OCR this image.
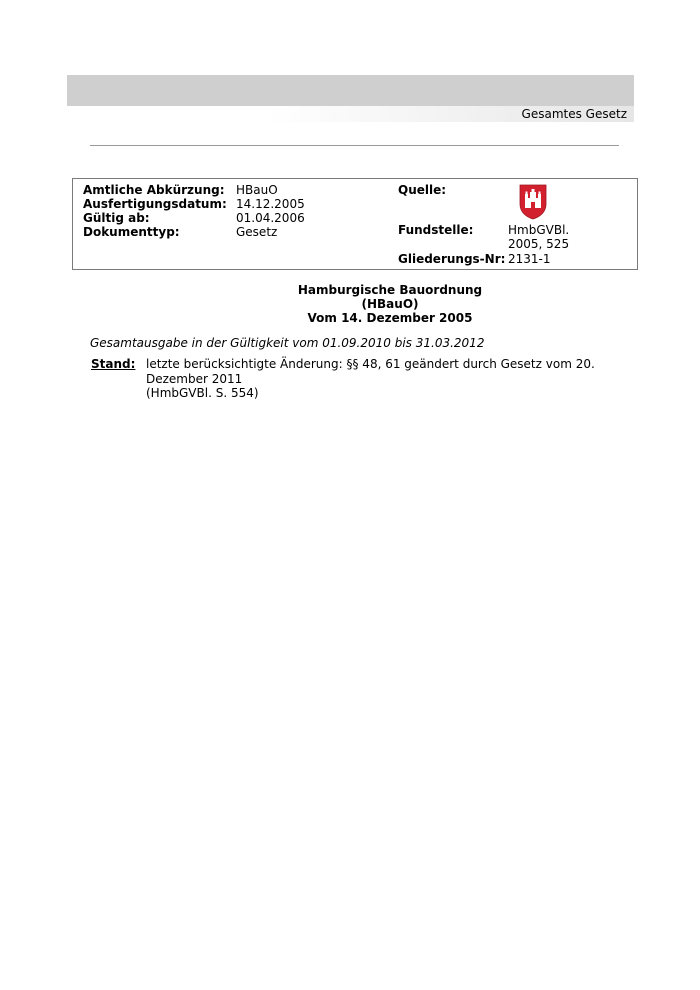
Gesamtes Gesetz
Amtliche Abkürzung: HBauO
Ausfertigungsdatum: 14.12.2005
Gültig ab:	01.04.2006
Dokumenttyp:	Gesetz
Quelle:
Fundstelle:	HmbGVBl.
2005, 525
Gliederungs-Nr: 2131-1
Hamburgische Bauordnung
(HBauO)
Vom 14. Dezember 2005
Gesamtausgabe in der Gültigkeit vom 01.09.2010 bis 31.03.2012
Stand: letzte berücksichtigte Änderung: §§ 48, 61 geändert durch Gesetz vom 20. Dezember 2011
(HmbGVBl. S. 554)
